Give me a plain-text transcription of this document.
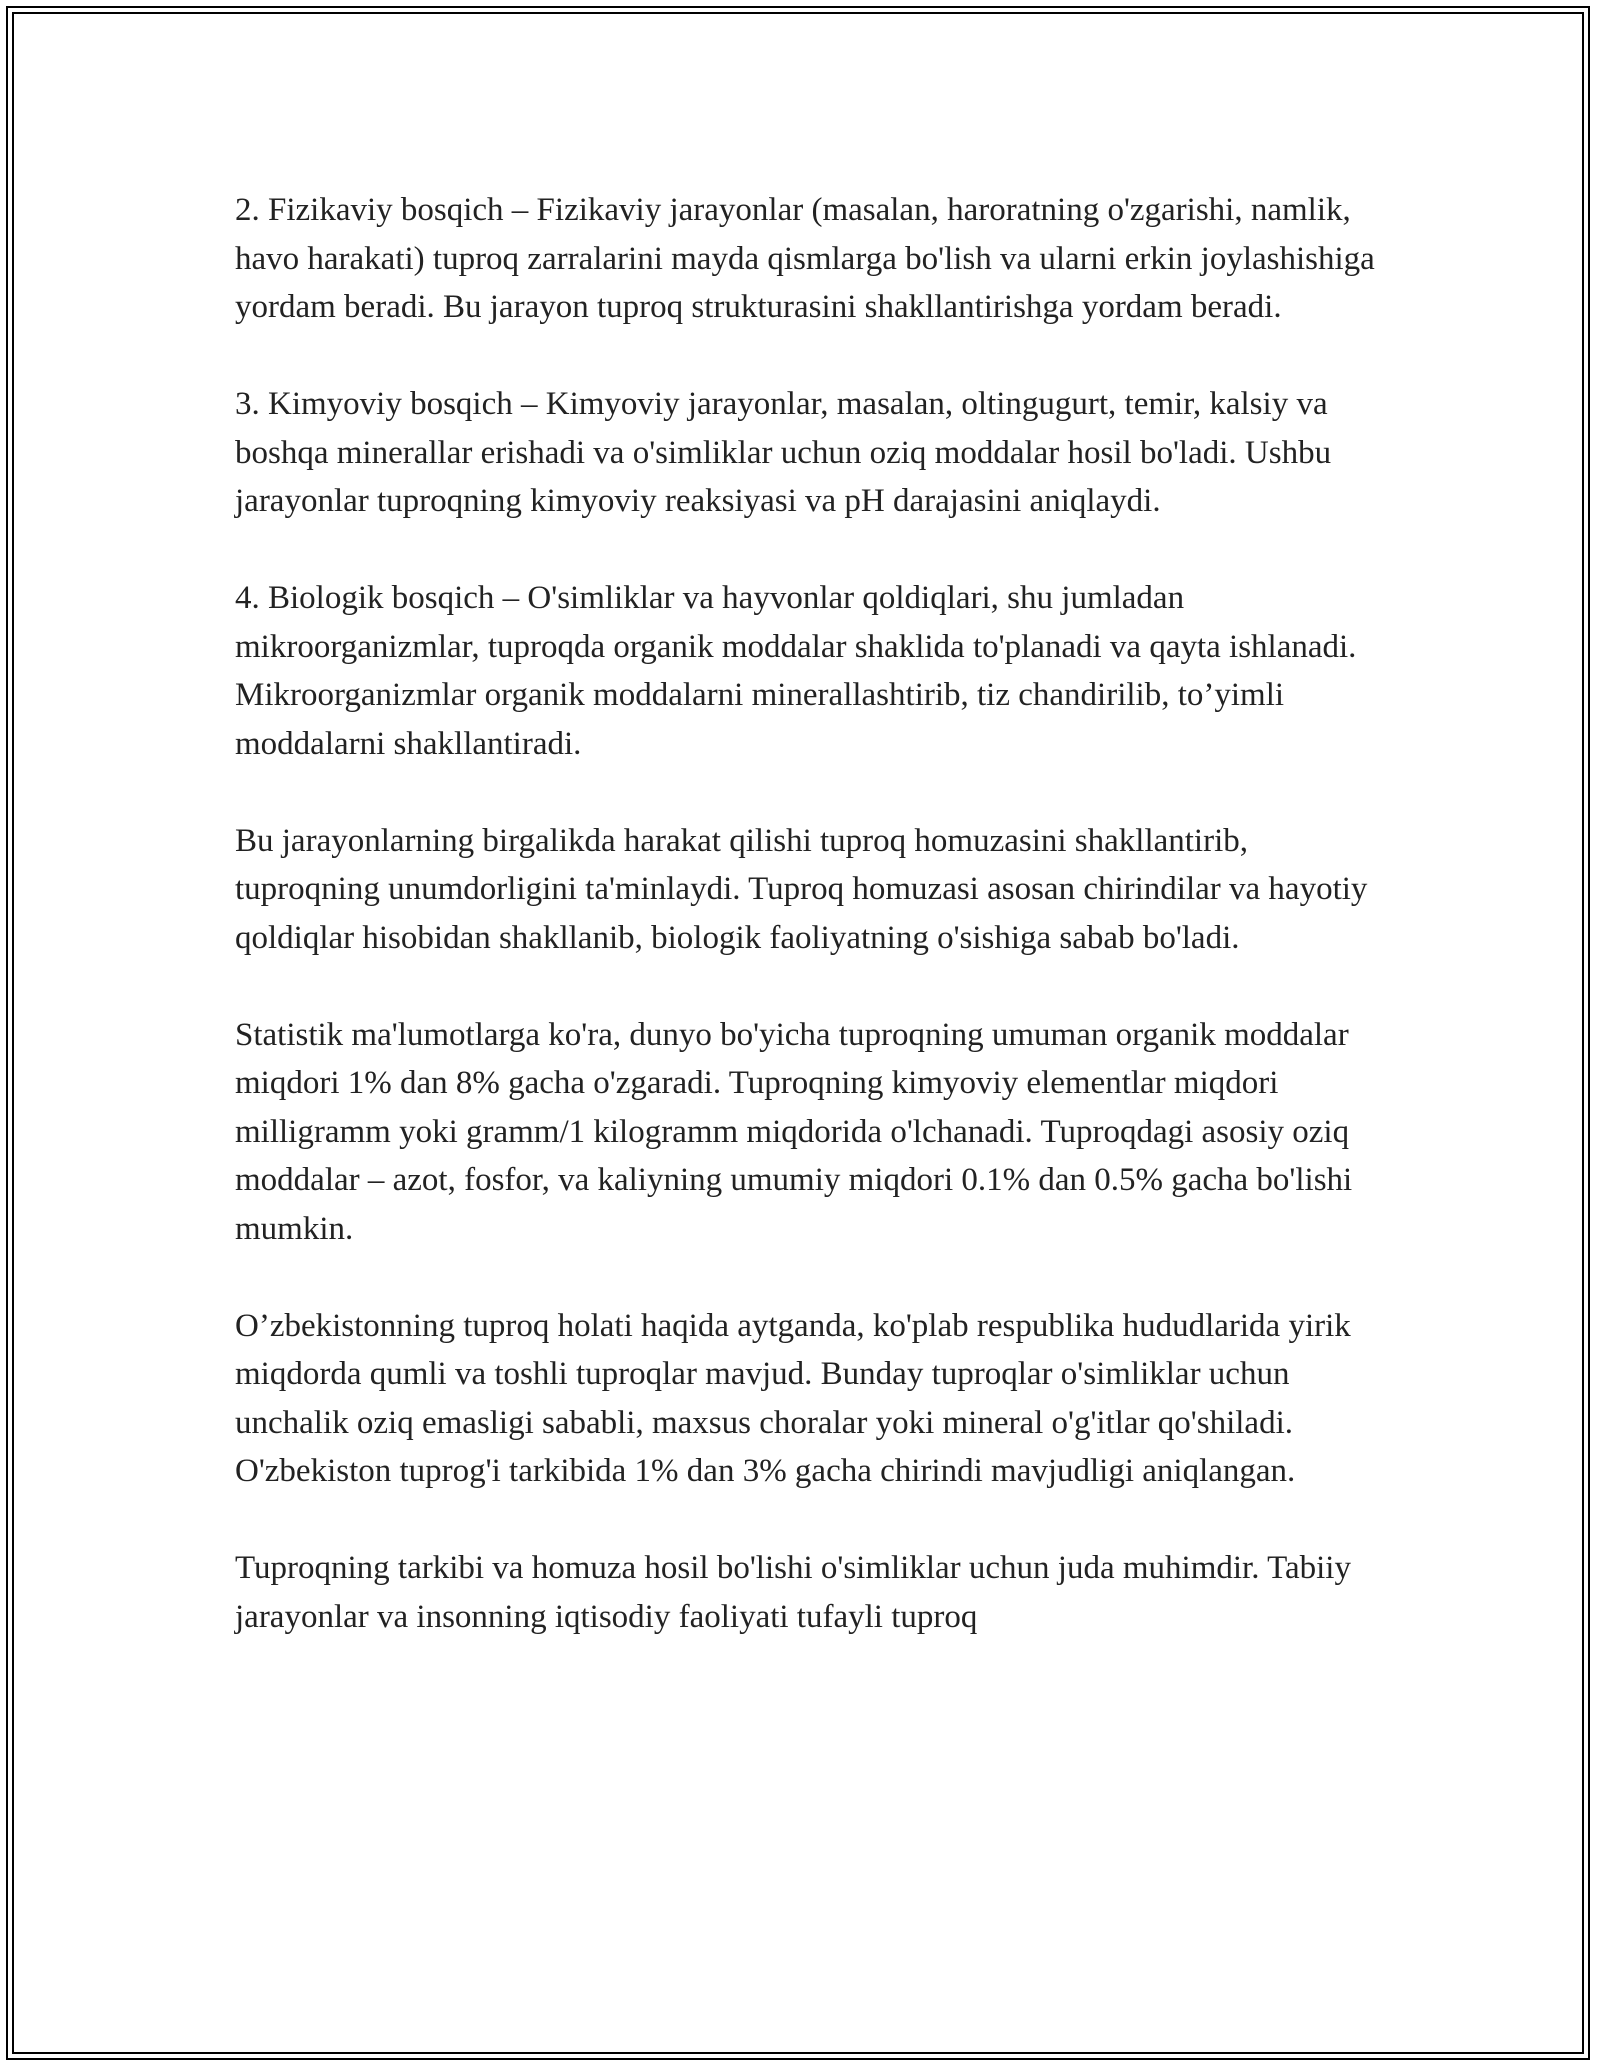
2. Fizikaviy bosqich – Fizikaviy jarayonlar (masalan, haroratning o'zgarishi, namlik, havo harakati) tuproq zarralarini mayda qismlarga bo'lish va ularni erkin joylashishiga yordam beradi. Bu jarayon tuproq strukturasini shakllantirishga yordam beradi.

3. Kimyoviy bosqich – Kimyoviy jarayonlar, masalan, oltingugurt, temir, kalsiy va boshqa minerallar erishadi va o'simliklar uchun oziq moddalar hosil bo'ladi. Ushbu jarayonlar tuproqning kimyoviy reaksiyasi va pH darajasini aniqlaydi.

4. Biologik bosqich – O'simliklar va hayvonlar qoldiqlari, shu jumladan mikroorganizmlar, tuproqda organik moddalar shaklida to'planadi va qayta ishlanadi. Mikroorganizmlar organik moddalarni minerallashtirib, tiz chandirilib, to’yimli moddalarni shakllantiradi.

Bu jarayonlarning birgalikda harakat qilishi tuproq homuzasini shakllantirib, tuproqning unumdorligini ta'minlaydi. Tuproq homuzasi asosan chirindilar va hayotiy qoldiqlar hisobidan shakllanib, biologik faoliyatning o'sishiga sabab bo'ladi.

Statistik ma'lumotlarga ko'ra, dunyo bo'yicha tuproqning umuman organik moddalar miqdori 1% dan 8% gacha o'zgaradi. Tuproqning kimyoviy elementlar miqdori milligramm yoki gramm/1 kilogramm miqdorida o'lchanadi. Tuproqdagi asosiy oziq moddalar – azot, fosfor, va kaliyning umumiy miqdori 0.1% dan 0.5% gacha bo'lishi mumkin.

O’zbekistonning tuproq holati haqida aytganda, ko'plab respublika hududlarida yirik miqdorda qumli va toshli tuproqlar mavjud. Bunday tuproqlar o'simliklar uchun unchalik oziq emasligi sababli, maxsus choralar yoki mineral o'g'itlar qo'shiladi. O'zbekiston tuprog'i tarkibida 1% dan 3% gacha chirindi mavjudligi aniqlangan.

Tuproqning tarkibi va homuza hosil bo'lishi o'simliklar uchun juda muhimdir. Tabiiy jarayonlar va insonning iqtisodiy faoliyati tufayli tuproq
